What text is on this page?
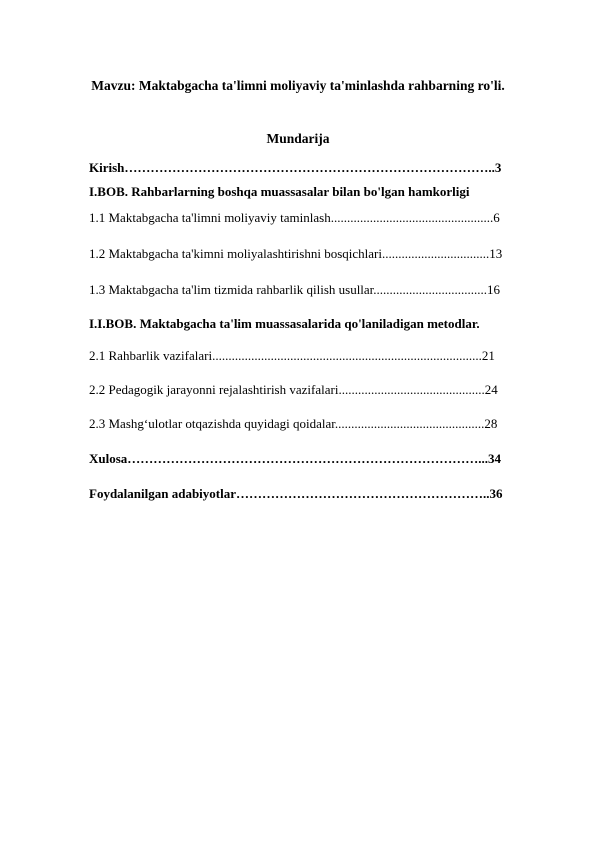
Mavzu: Maktabgacha ta'limni moliyaviy ta'minlashda rahbarning ro'li.
Mundarija
Kirish…………………………………………………………………………..3
I.BOB. Rahbarlarning boshqa muassasalar bilan bo'lgan hamkorligi
1.1 Maktabgacha ta'limni moliyaviy taminlash..................................................6
1.2 Maktabgacha ta'kimni moliyalashtirishni bosqichlari.................................13
1.3 Maktabgacha ta'lim tizmida rahbarlik qilish usullar...................................16
I.I.BOB. Maktabgacha ta'lim muassasalarida qo'laniladigan metodlar.
2.1 Rahbarlik vazifalari...................................................................................21
2.2 Pedagogik jarayonni rejalashtirish vazifalari.............................................24
2.3 Mashg‘ulotlar otqazishda quyidagi qoidalar..............................................28
Xulosa………………………………………………………………………...34
Foydalanilgan adabiyotlar…………………………………………………..36
